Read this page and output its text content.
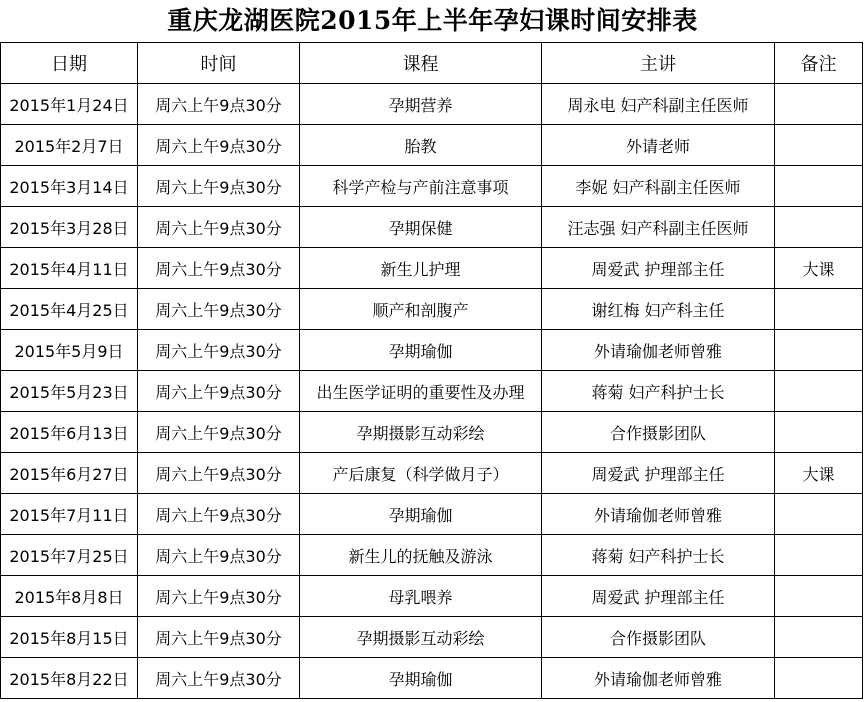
重庆龙湖医院2015年上半年孕妇课时间安排表
日期	时间	课程	主讲	备注
2015年1月24日	周六上午9点30分	孕期营养	周永电 妇产科副主任医师	
2015年2月7日	周六上午9点30分	胎教	外请老师	
2015年3月14日	周六上午9点30分	科学产检与产前注意事项	李妮 妇产科副主任医师	
2015年3月28日	周六上午9点30分	孕期保健	汪志强 妇产科副主任医师	
2015年4月11日	周六上午9点30分	新生儿护理	周爱武 护理部主任	大课
2015年4月25日	周六上午9点30分	顺产和剖腹产	谢红梅 妇产科主任	
2015年5月9日	周六上午9点30分	孕期瑜伽	外请瑜伽老师曾雅	
2015年5月23日	周六上午9点30分	出生医学证明的重要性及办理	蒋菊 妇产科护士长	
2015年6月13日	周六上午9点30分	孕期摄影互动彩绘	合作摄影团队	
2015年6月27日	周六上午9点30分	产后康复（科学做月子）	周爱武 护理部主任	大课
2015年7月11日	周六上午9点30分	孕期瑜伽	外请瑜伽老师曾雅	
2015年7月25日	周六上午9点30分	新生儿的抚触及游泳	蒋菊 妇产科护士长	
2015年8月8日	周六上午9点30分	母乳喂养	周爱武 护理部主任	
2015年8月15日	周六上午9点30分	孕期摄影互动彩绘	合作摄影团队	
2015年8月22日	周六上午9点30分	孕期瑜伽	外请瑜伽老师曾雅	
